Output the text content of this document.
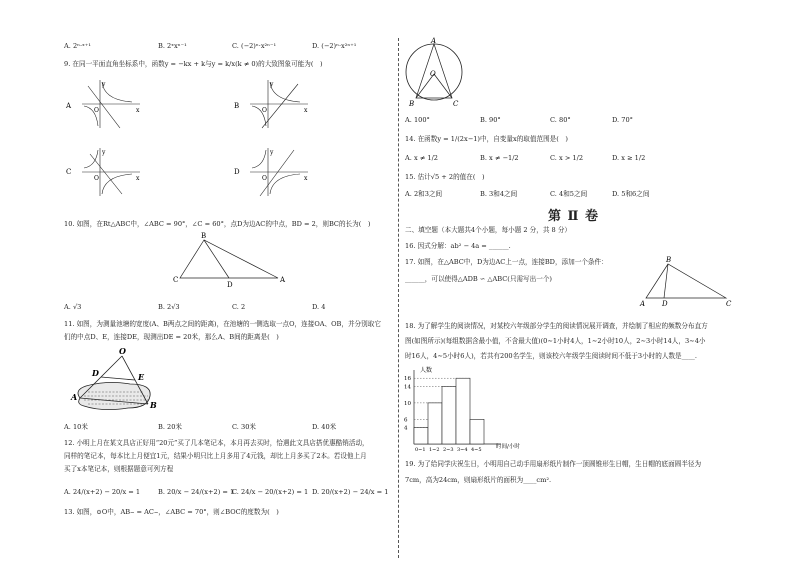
A. 2ⁿ·ˣ⁺¹	B. 2ˣxⁿ⁻¹	C. (−2)ⁿ·x²ⁿ⁻¹	D. (−2)ⁿ·x²ⁿ⁺¹
9. 在同一平面直角坐标系中，函数y = −kx + k与y = k/x(k ≠ 0)的大致图象可能为(　)
A
y
x
O
B
y
x
O
C
y
x
O
D
y
x
O
10. 如图，在Rt△ABC中，∠ABC = 90°，∠C = 60°，点D为边AC的中点，BD = 2，则BC的长为(　)
B
C
D
A
A. √3	B. 2√3	C. 2	D. 4
11. 如图，为测量池塘的宽度(A、B两点之间的距离)，在池塘的一侧选取一点O，连接OA、OB，并分别取它
们的中点D、E，连接DE，现测出DE = 20米，那么A、B间的距离是(　)
O
D	E
A
B
A. 10米	B. 20米	C. 30米	D. 40米
12. 小明上月在某文具店正好用“20元”买了几本笔记本，本月再去买时，恰遇此文具店搭优惠酷销活动，
同样的笔记本，每本比上月便宜1元，结果小明只比上月多用了4元钱，却比上月多买了2本。若设他上月
买了x本笔记本，则根据题意可列方程
A. 24/(x+2) − 20/x = 1	B. 20/x − 24/(x+2) = 1
C. 24/x − 20/(x+2) = 1 D. 20/(x+2) − 24/x = 1
13. 如图，⊙O中，AB⌢ = AC⌢，∠ABC = 70°，则∠BOC的度数为(　)
A
O
B	C
A. 100°	B. 90°	C. 80°	D. 70°
14. 在函数y = 1/(2x−1)中，自变量x的取值范围是(　)
A. x ≠ 1/2	B. x ≠ −1/2	C. x > 1/2	D. x ≥ 1/2
15. 估计√5 + 2的值在(　)
A. 2和3之间	B. 3和4之间	C. 4和5之间	D. 5和6之间
第 Ⅱ 卷
二、填空题（本大题共4个小题，每小题 2 分，共 8 分）
16. 因式分解：ab² − 4a = ______.
17. 如图，在△ABC中，D为边AC上一点，连接BD，添加一个条件：
______，可以使得△ADB ∽ △ABC(只需写出一个)
B
A D	C
18. 为了解学生的阅读情况，对某校六年级部分学生的阅读情况展开调查，并绘制了相应的频数分布直方
图(如图所示)(每组数据含最小值，不含最大值)(0∼1小时4人，1∼2小时10人，2∼3小时14人，3∼4小
时16人，4∼5小时6人)，若共有200名学生，则该校六年级学生阅读时间不低于3小时的人数是____.
人数
时间/小时
4
6
10
14
16
0~1 1~2 2~3 3~4 4~5
19. 为了给同学庆祝生日，小明用自己动手用扇形纸片制作一顶圆锥形生日帽，生日帽的底面圆半径为
7cm，高为24cm，则扇形纸片的面积为____cm².
